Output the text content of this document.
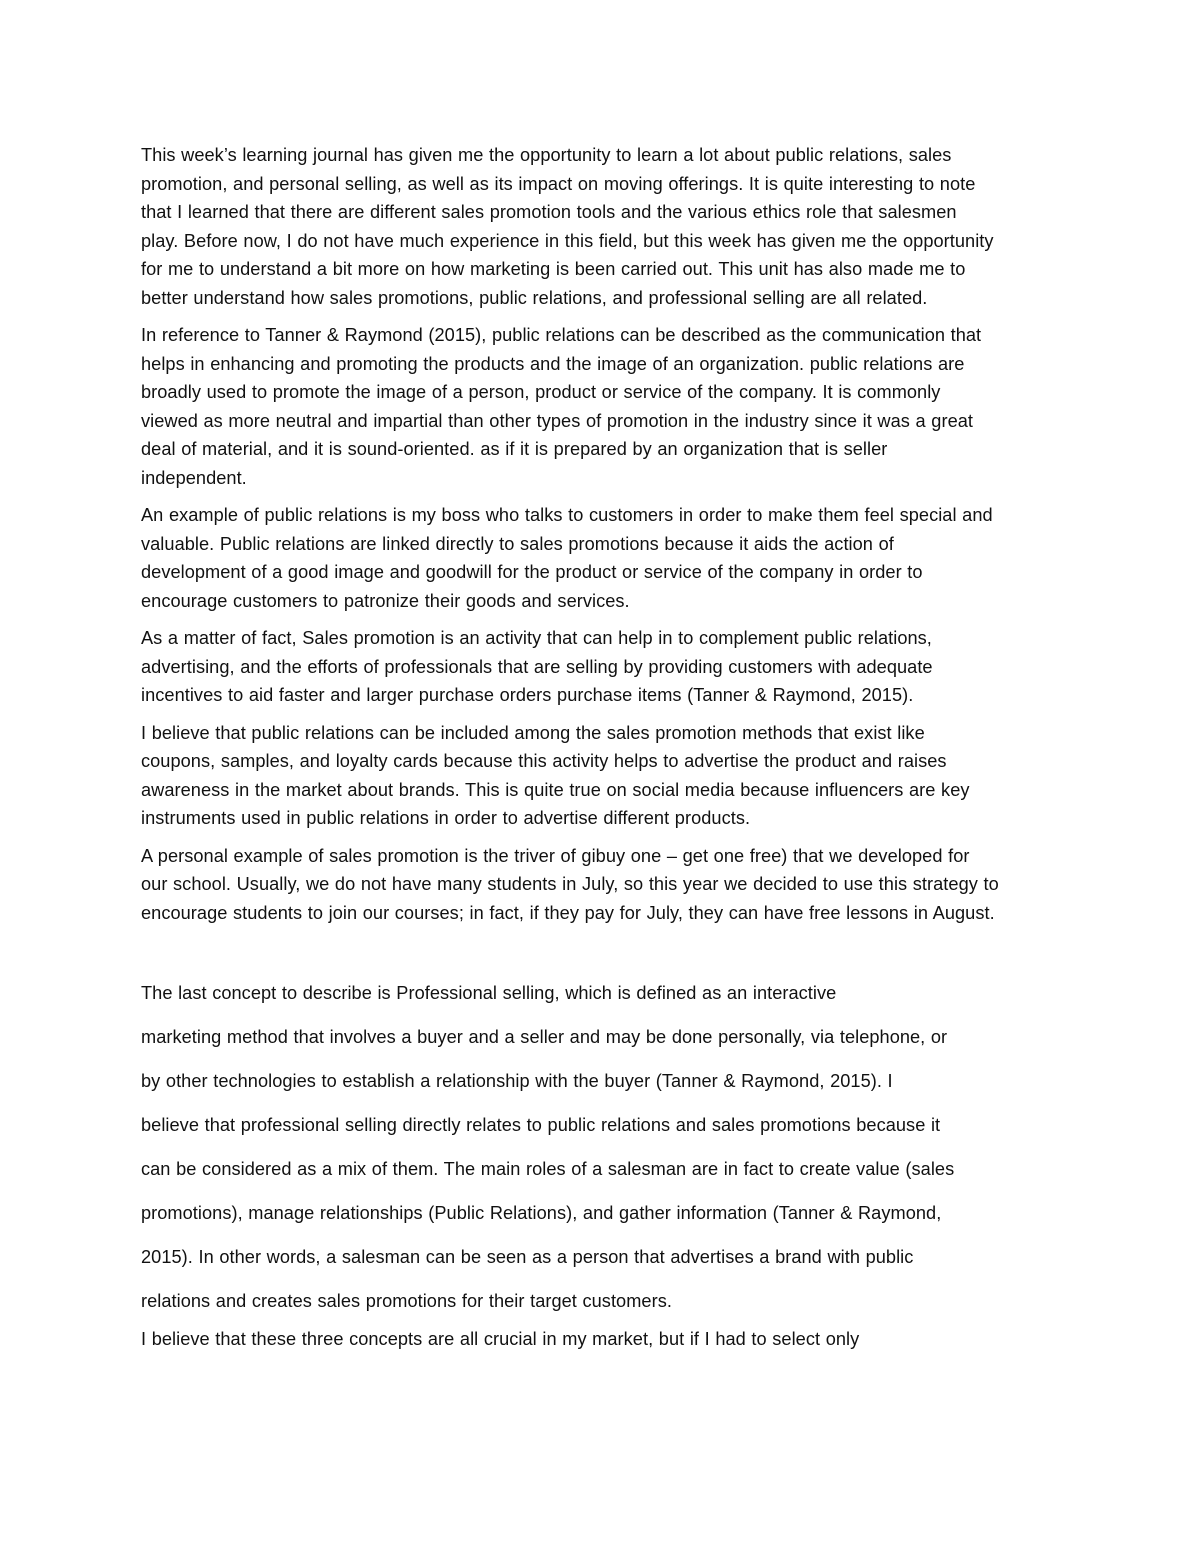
This week’s learning journal has given me the opportunity to learn a lot about public relations, sales
promotion, and personal selling, as well as its impact on moving offerings. It is quite interesting to note
that I learned that there are different sales promotion tools and the various ethics role that salesmen
play. Before now, I do not have much experience in this field, but this week has given me the opportunity
for me to understand a bit more on how marketing is been carried out. This unit has also made me to
better understand how sales promotions, public relations, and professional selling are all related.

In reference to Tanner & Raymond (2015), public relations can be described as the communication that
helps in enhancing and promoting the products and the image of an organization. public relations are
broadly used to promote the image of a person, product or service of the company. It is commonly
viewed as more neutral and impartial than other types of promotion in the industry since it was a great
deal of material, and it is sound-oriented. as if it is prepared by an organization that is seller
independent.

An example of public relations is my boss who talks to customers in order to make them feel special and
valuable. Public relations are linked directly to sales promotions because it aids the action of
development of a good image and goodwill for the product or service of the company in order to
encourage customers to patronize their goods and services.

As a matter of fact, Sales promotion is an activity that can help in to complement public relations,
advertising, and the efforts of professionals that are selling by providing customers with adequate
incentives to aid faster and larger purchase orders purchase items (Tanner & Raymond, 2015).

I believe that public relations can be included among the sales promotion methods that exist like
coupons, samples, and loyalty cards because this activity helps to advertise the product and raises
awareness in the market about brands. This is quite true on social media because influencers are key
instruments used in public relations in order to advertise different products.

A personal example of sales promotion is the triver of gibuy one – get one free) that we developed for
our school. Usually, we do not have many students in July, so this year we decided to use this strategy to
encourage students to join our courses; in fact, if they pay for July, they can have free lessons in August.

The last concept to describe is Professional selling, which is defined as an interactive
marketing method that involves a buyer and a seller and may be done personally, via telephone, or
by other technologies to establish a relationship with the buyer (Tanner & Raymond, 2015). I
believe that professional selling directly relates to public relations and sales promotions because it
can be considered as a mix of them. The main roles of a salesman are in fact to create value (sales
promotions), manage relationships (Public Relations), and gather information (Tanner & Raymond,
2015). In other words, a salesman can be seen as a person that advertises a brand with public
relations and creates sales promotions for their target customers.

I believe that these three concepts are all crucial in my market, but if I had to select only
